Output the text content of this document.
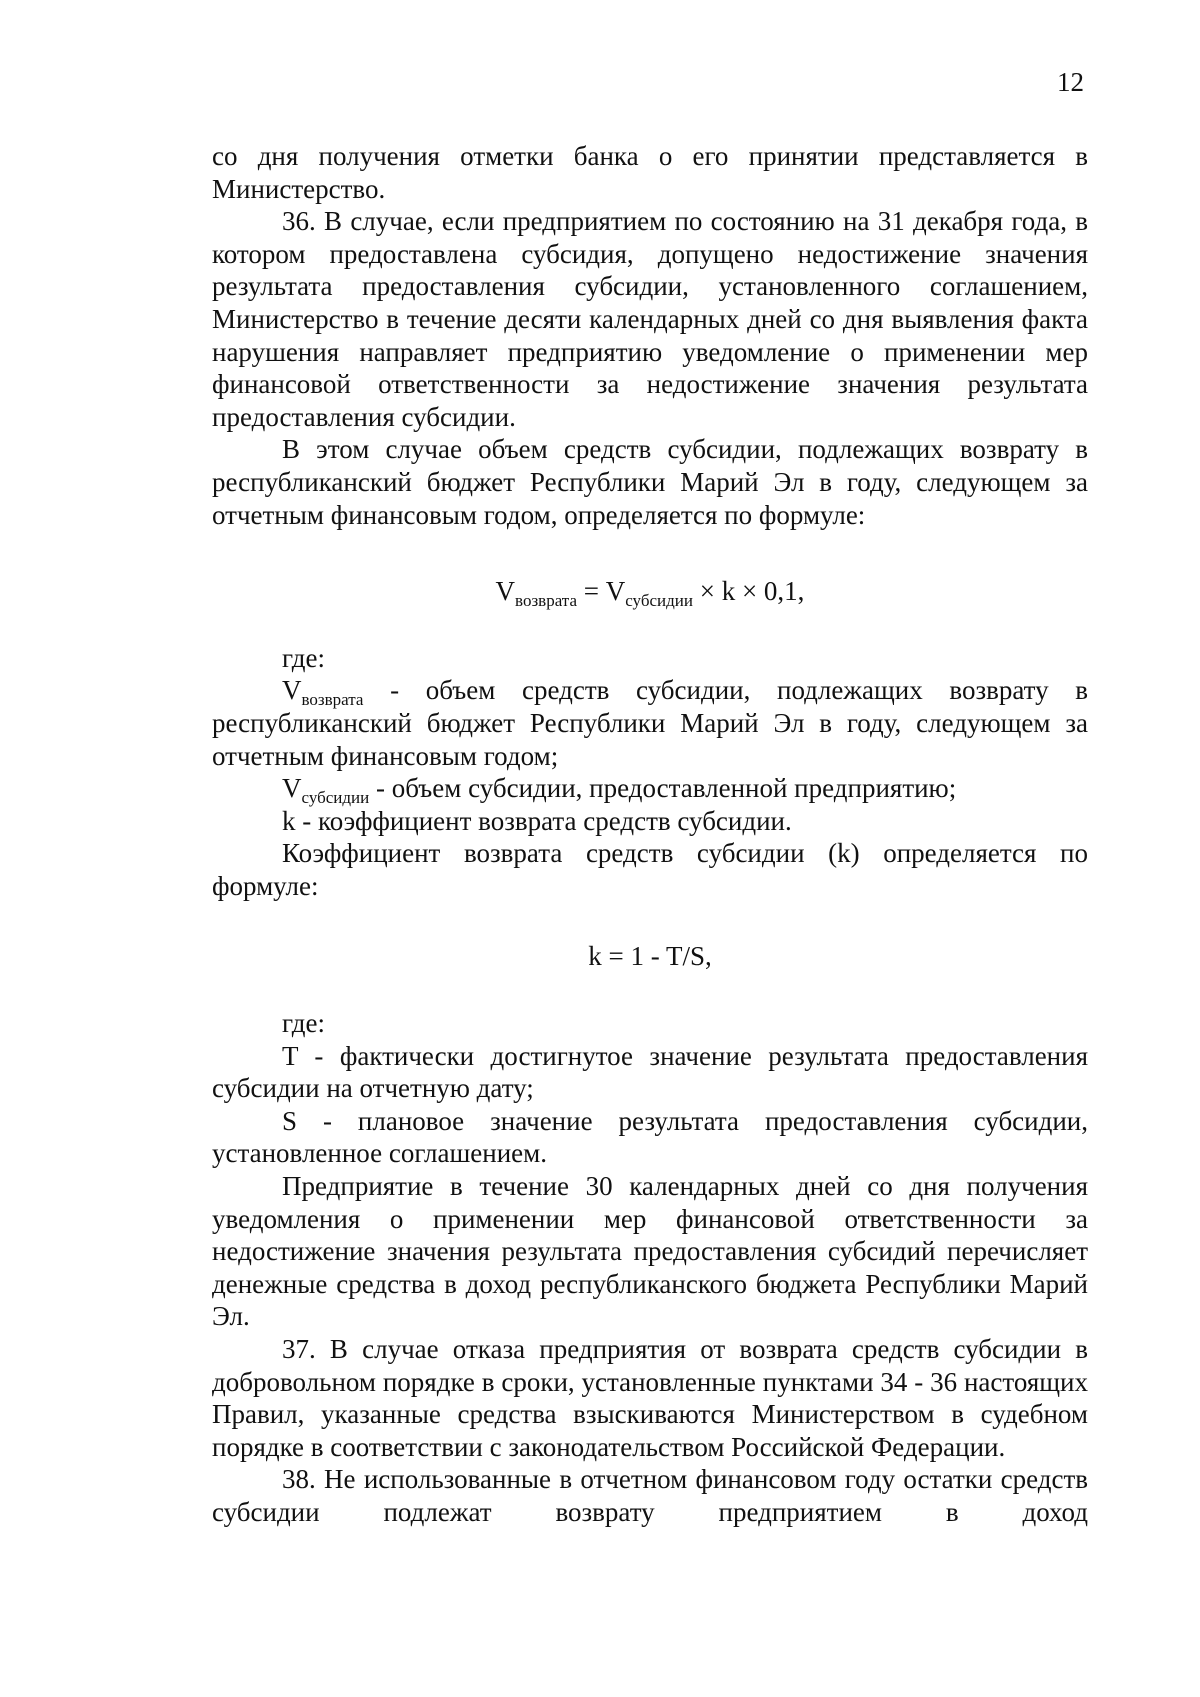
12

со дня получения отметки банка о его принятии представляется в Министерство.

36. В случае, если предприятием по состоянию на 31 декабря года, в котором предоставлена субсидия, допущено недостижение значения результата предоставления субсидии, установленного соглашением, Министерство в течение десяти календарных дней со дня выявления факта нарушения направляет предприятию уведомление о применении мер финансовой ответственности за недостижение значения результата предоставления субсидии.

В этом случае объем средств субсидии, подлежащих возврату в республиканский бюджет Республики Марий Эл в году, следующем за отчетным финансовым годом, определяется по формуле:

$V_{возврата} = V_{субсидии} \times k \times 0,1$,

где:

$V_{возврата}$ - объем средств субсидии, подлежащих возврату в республиканский бюджет Республики Марий Эл в году, следующем за отчетным финансовым годом;

$V_{субсидии}$ - объем субсидии, предоставленной предприятию;

k - коэффициент возврата средств субсидии.

Коэффициент возврата средств субсидии (k) определяется по формуле:

k = 1 - T/S,

где:

T - фактически достигнутое значение результата предоставления субсидии на отчетную дату;

S - плановое значение результата предоставления субсидии, установленное соглашением.

Предприятие в течение 30 календарных дней со дня получения уведомления о применении мер финансовой ответственности за недостижение значения результата предоставления субсидий перечисляет денежные средства в доход республиканского бюджета Республики Марий Эл.

37. В случае отказа предприятия от возврата средств субсидии в добровольном порядке в сроки, установленные пунктами 34 - 36 настоящих Правил, указанные средства взыскиваются Министерством в судебном порядке в соответствии с законодательством Российской Федерации.

38. Не использованные в отчетном финансовом году остатки средств субсидии подлежат возврату предприятием в доход
